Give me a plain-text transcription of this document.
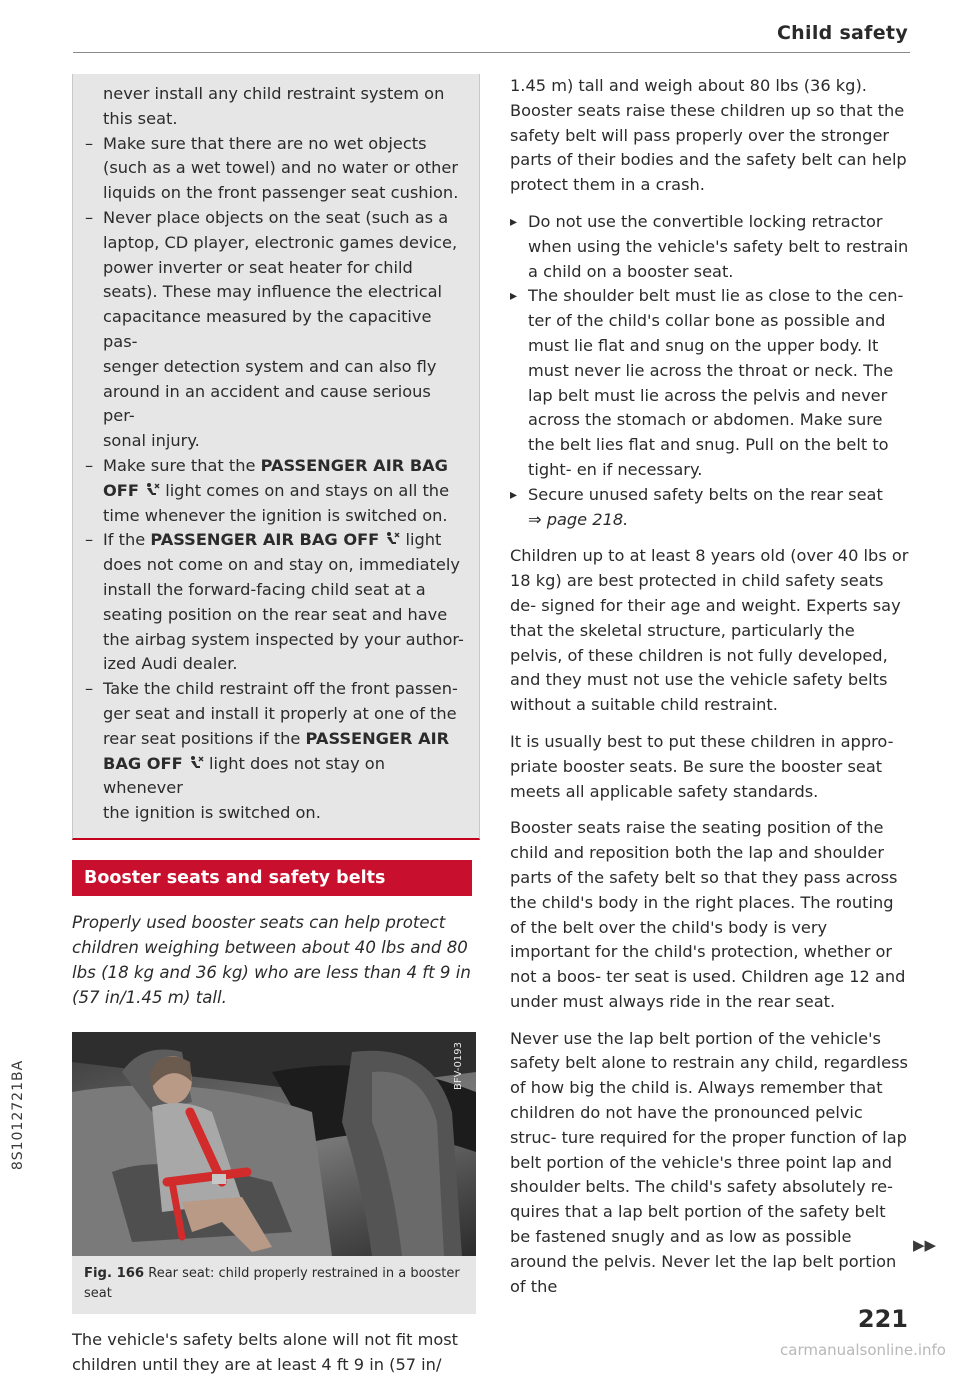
Child safety

never install any child restraint system on

this seat.

– Make sure that there are no wet objects
(such as a wet towel) and no water or other
liquids on the front passenger seat cushion.
– Never place objects on the seat (such as a
laptop, CD player, electronic games device,
power inverter or seat heater for child
seats). These may influence the electrical
capacitance measured by the capacitive pas-
senger detection system and can also fly
around in an accident and cause serious per-
sonal injury.
– Make sure that the PASSENGER AIR BAG
OFF  light comes on and stays on all the
time whenever the ignition is switched on.
– If the PASSENGER AIR BAG OFF  light
does not come on and stay on, immediately
install the forward-facing child seat at a
seating position on the rear seat and have
the airbag system inspected by your author-
ized Audi dealer.
– Take the child restraint off the front passen-
ger seat and install it properly at one of the
rear seat positions if the PASSENGER AIR
BAG OFF  light does not stay on whenever
the ignition is switched on.
Booster seats and safety belts

Properly used booster seats can help protect children weighing between about 40 lbs and 80 lbs (18 kg and 36 kg) who are less than 4 ft 9 in (57 in/1.45 m) tall.

BFV-0193
Fig. 166 Rear seat: child properly restrained in a booster seat

The vehicle's safety belts alone will not fit most children until they are at least 4 ft 9 in (57 in/

1.45 m) tall and weigh about 80 lbs (36 kg). Booster seats raise these children up so that the safety belt will pass properly over the stronger parts of their bodies and the safety belt can help protect them in a crash.

▸ Do not use the convertible locking retractor when using the vehicle's safety belt to restrain a child on a booster seat.

▸ The shoulder belt must lie as close to the cen- ter of the child's collar bone as possible and must lie flat and snug on the upper body. It must never lie across the throat or neck. The lap belt must lie across the pelvis and never across the stomach or abdomen. Make sure the belt lies flat and snug. Pull on the belt to tight- en if necessary.

▸ Secure unused safety belts on the rear seat
⇒ page 218.

Children up to at least 8 years old (over 40 lbs or 18 kg) are best protected in child safety seats de- signed for their age and weight. Experts say that the skeletal structure, particularly the pelvis, of these children is not fully developed, and they must not use the vehicle safety belts without a suitable child restraint.

It is usually best to put these children in appro- priate booster seats. Be sure the booster seat meets all applicable safety standards.

Booster seats raise the seating position of the child and reposition both the lap and shoulder parts of the safety belt so that they pass across the child's body in the right places. The routing of the belt over the child's body is very important for the child's protection, whether or not a boos- ter seat is used. Children age 12 and under must always ride in the rear seat.

Never use the lap belt portion of the vehicle's safety belt alone to restrain any child, regardless of how big the child is. Always remember that children do not have the pronounced pelvic struc- ture required for the proper function of lap belt portion of the vehicle's three point lap and shoulder belts. The child's safety absolutely re- quires that a lap belt portion of the safety belt be fastened snugly and as low as possible around the pelvis. Never let the lap belt portion of the

▶▶
221
8S1012721BA
carmanualsonline.info
